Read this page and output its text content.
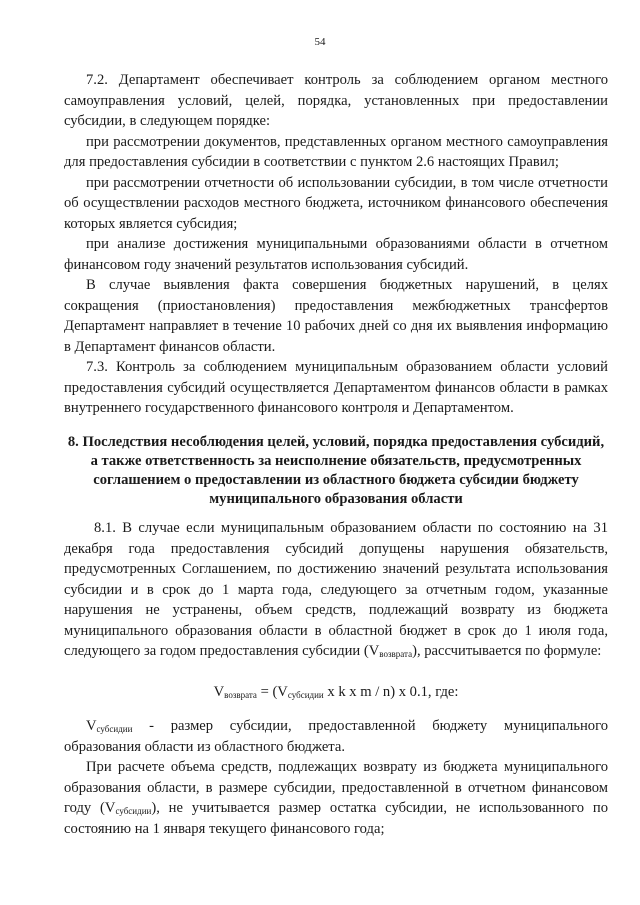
54

7.2. Департамент обеспечивает контроль за соблюдением органом местного самоуправления условий, целей, порядка, установленных при предоставлении субсидии, в следующем порядке:

при рассмотрении документов, представленных органом местного самоуправления для предоставления субсидии в соответствии с пунктом 2.6 настоящих Правил;

при рассмотрении отчетности об использовании субсидии, в том числе отчетности об осуществлении расходов местного бюджета, источником финансового обеспечения которых является субсидия;

при анализе достижения муниципальными образованиями области в отчетном финансовом году значений результатов использования субсидий.

В случае выявления факта совершения бюджетных нарушений, в целях сокращения (приостановления) предоставления межбюджетных трансфертов Департамент направляет в течение 10 рабочих дней со дня их выявления информацию в Департамент финансов области.

7.3. Контроль за соблюдением муниципальным образованием области условий предоставления субсидий осуществляется Департаментом финансов области в рамках внутреннего государственного финансового контроля и Департаментом.

8. Последствия несоблюдения целей, условий, порядка предоставления субсидий, а также ответственность за неисполнение обязательств, предусмотренных соглашением о предоставлении из областного бюджета субсидии бюджету муниципального образования области

8.1. В случае если муниципальным образованием области по состоянию на 31 декабря года предоставления субсидий допущены нарушения обязательств, предусмотренных Соглашением, по достижению значений результата использования субсидии и в срок до 1 марта года, следующего за отчетным годом, указанные нарушения не устранены, объем средств, подлежащий возврату из бюджета муниципального образования области в областной бюджет в срок до 1 июля года, следующего за годом предоставления субсидии $(V_{возврата})$, рассчитывается по формуле:

$V_{возврата} = (V_{субсидии}$ x k x m / n) x 0.1, где:

$V_{субсидии}$ - размер субсидии, предоставленной бюджету муниципального образования области из областного бюджета.

При расчете объема средств, подлежащих возврату из бюджета муниципального образования области, в размере субсидии, предоставленной в отчетном финансовом году $(V_{субсидии})$, не учитывается размер остатка субсидии, не использованного по состоянию на 1 января текущего финансового года;
